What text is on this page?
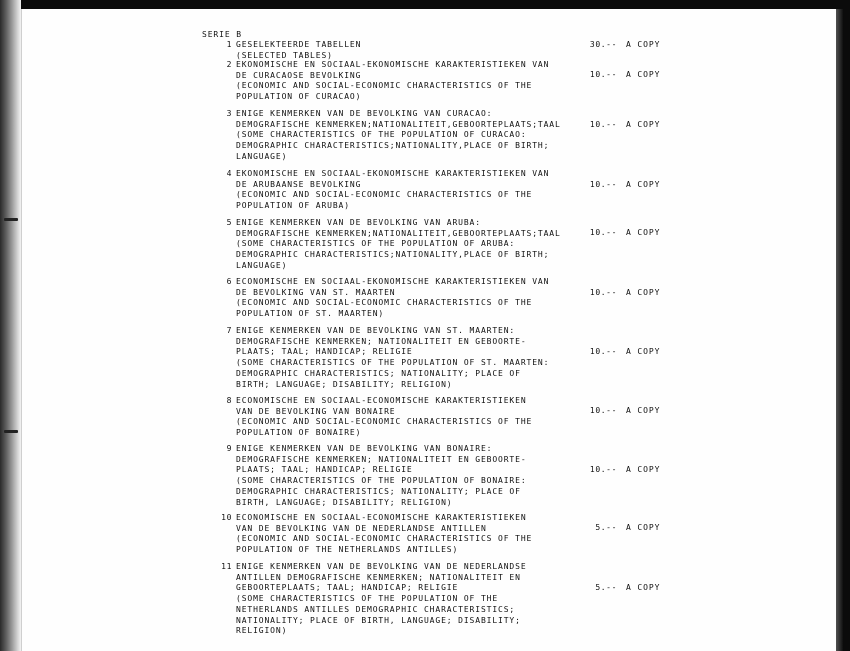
SERIE B
1 GESELEKTEERDE TABELLEN
(SELECTED TABLES)
30.-- A COPY
2 EKONOMISCHE EN SOCIAAL-EKONOMISCHE KARAKTERISTIEKEN VAN
DE CURACAOSE BEVOLKING
(ECONOMIC AND SOCIAL-ECONOMIC CHARACTERISTICS OF THE
POPULATION OF CURACAO)
10.-- A COPY
3 ENIGE KENMERKEN VAN DE BEVOLKING VAN CURACAO:
DEMOGRAFISCHE KENMERKEN;NATIONALITEIT,GEBOORTEPLAATS;TAAL
(SOME CHARACTERISTICS OF THE POPULATION OF CURACAO:
DEMOGRAPHIC CHARACTERISTICS;NATIONALITY,PLACE OF BIRTH;
LANGUAGE)
10.-- A COPY
4 EKONOMISCHE EN SOCIAAL-EKONOMISCHE KARAKTERISTIEKEN VAN
DE ARUBAANSE BEVOLKING
(ECONOMIC AND SOCIAL-ECONOMIC CHARACTERISTICS OF THE
POPULATION OF ARUBA)
10.-- A COPY
5 ENIGE KENMERKEN VAN DE BEVOLKING VAN ARUBA:
DEMOGRAFISCHE KENMERKEN;NATIONALITEIT,GEBOORTEPLAATS;TAAL
(SOME CHARACTERISTICS OF THE POPULATION OF ARUBA:
DEMOGRAPHIC CHARACTERISTICS;NATIONALITY,PLACE OF BIRTH;
LANGUAGE)
10.-- A COPY
6 ECONOMISCHE EN SOCIAAL-EKONOMISCHE KARAKTERISTIEKEN VAN
DE BEVOLKING VAN ST. MAARTEN
(ECONOMIC AND SOCIAL-ECONOMIC CHARACTERISTICS OF THE
POPULATION OF ST. MAARTEN)
10.-- A COPY
7 ENIGE KENMERKEN VAN DE BEVOLKING VAN ST. MAARTEN:
DEMOGRAFISCHE KENMERKEN; NATIONALITEIT EN GEBOORTE-
PLAATS; TAAL; HANDICAP; RELIGIE
(SOME CHARACTERISTICS OF THE POPULATION OF ST. MAARTEN:
DEMOGRAPHIC CHARACTERISTICS; NATIONALITY; PLACE OF
BIRTH; LANGUAGE; DISABILITY; RELIGION)
10.-- A COPY
8 ECONOMISCHE EN SOCIAAL-ECONOMISCHE KARAKTERISTIEKEN
VAN DE BEVOLKING VAN BONAIRE
(ECONOMIC AND SOCIAL-ECONOMIC CHARACTERISTICS OF THE
POPULATION OF BONAIRE)
10.-- A COPY
9 ENIGE KENMERKEN VAN DE BEVOLKING VAN BONAIRE:
DEMOGRAFISCHE KENMERKEN; NATIONALITEIT EN GEBOORTE-
PLAATS; TAAL; HANDICAP; RELIGIE
(SOME CHARACTERISTICS OF THE POPULATION OF BONAIRE:
DEMOGRAPHIC CHARACTERISTICS; NATIONALITY; PLACE OF
BIRTH, LANGUAGE; DISABILITY; RELIGION)
10.-- A COPY
10 ECONOMISCHE EN SOCIAAL-ECONOMISCHE KARAKTERISTIEKEN
VAN DE BEVOLKING VAN DE NEDERLANDSE ANTILLEN
(ECONOMIC AND SOCIAL-ECONOMIC CHARACTERISTICS OF THE
POPULATION OF THE NETHERLANDS ANTILLES)
5.-- A COPY
11 ENIGE KENMERKEN VAN DE BEVOLKING VAN DE NEDERLANDSE
ANTILLEN DEMOGRAFISCHE KENMERKEN; NATIONALITEIT EN
GEBOORTEPLAATS; TAAL; HANDICAP; RELIGIE
(SOME CHARACTERISTICS OF THE POPULATION OF THE
NETHERLANDS ANTILLES DEMOGRAPHIC CHARACTERISTICS;
NATIONALITY; PLACE OF BIRTH, LANGUAGE; DISABILITY;
RELIGION)
5.-- A COPY
